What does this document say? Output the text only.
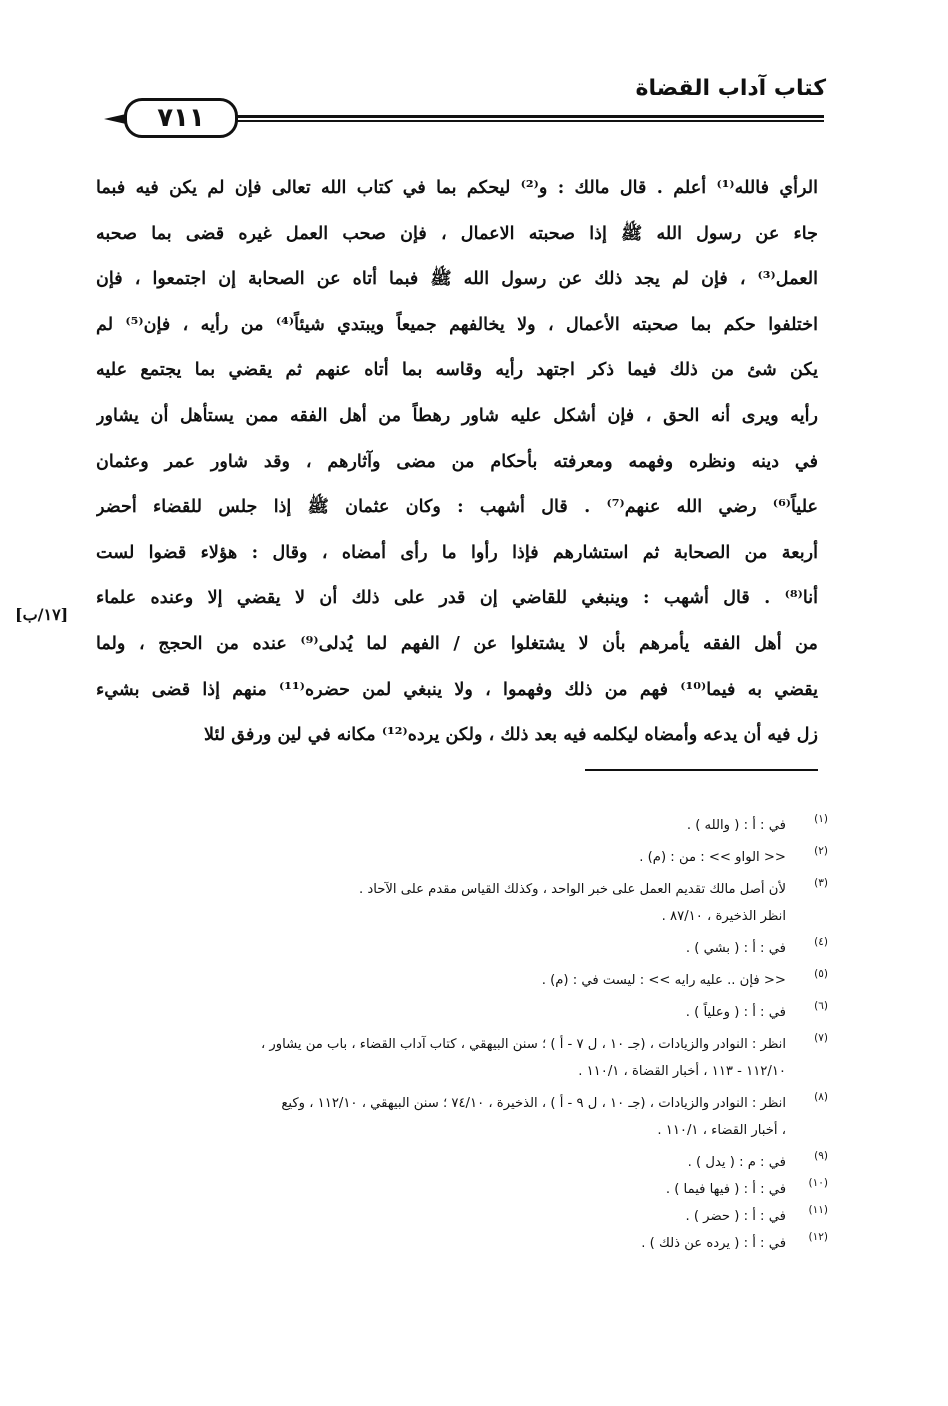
كتاب آداب القضاة
٧١١
الرأي فالله⁽¹⁾ أعلم . قال مالك : و⁽²⁾ ليحكم بما في كتاب الله تعالى فإن لم يكن فيه فبما
جاء عن رسول الله ﷺ إذا صحبته الاعمال ، فإن صحب العمل غيره قضى بما صحبه
العمل⁽³⁾ ، فإن لم يجد ذلك عن رسول الله ﷺ فبما أتاه عن الصحابة إن اجتمعوا ، فإن
اختلفوا حكم بما صحبته الأعمال ، ولا يخالفهم جميعاً ويبتدي شيئاً⁽⁴⁾ من رأيه ، فإن⁽⁵⁾ لم
يكن شئ من ذلك فيما ذكر اجتهد رأيه وقاسه بما أتاه عنهم ثم يقضي بما يجتمع عليه
رأيه ويرى أنه الحق ، فإن أشكل عليه شاور رهطاً من أهل الفقه ممن يستأهل أن يشاور
في دينه ونظره وفهمه ومعرفته بأحكام من مضى وآثارهم ، وقد شاور عمر وعثمان
علياً⁽⁶⁾ رضي الله عنهم⁽⁷⁾ . قال أشهب : وكان عثمان ﷺ إذا جلس للقضاء أحضر
أربعة من الصحابة ثم استشارهم فإذا رأوا ما رأى أمضاه ، وقال : هؤلاء قضوا لست
أنا⁽⁸⁾ . قال أشهب : وينبغي للقاضي إن قدر على ذلك أن لا يقضي إلا وعنده علماء
من أهل الفقه يأمرهم بأن لا يشتغلوا عن / الفهم لما يُدلى⁽⁹⁾ عنده من الحجج ، ولما
يقضي به فيما⁽¹⁰⁾ فهم من ذلك وفهموا ، ولا ينبغي لمن حضره⁽¹¹⁾ منهم إذا قضى بشيء
زل فيه أن يدعه وأمضاه ليكلمه فيه بعد ذلك ، ولكن يرده⁽¹²⁾ مكانه في لين ورفق لئلا
[١٧/ب]
(١)
في : أ : ( والله ) .
(٢)
<< الواو >> : من : (م) .
(٣)
لأن أصل مالك تقديم العمل على خبر الواحد ، وكذلك القياس مقدم على الآحاد .
انظر الذخيرة ، ٨٧/١٠ .
(٤)
في : أ : ( بشي ) .
(٥)
<< فإن .. عليه رايه >> : ليست في : (م) .
(٦)
في : أ : ( وعلياً ) .
(٧)
انظر : النوادر والزيادات ، (جـ ١٠ ، ل ٧ - أ ) ؛ سنن البيهقي ، كتاب آداب القضاء ، باب من يشاور ،
١١٢/١٠ - ١١٣ ، أخبار القضاة ، ١١٠/١ .
(٨)
انظر : النوادر والزيادات ، (جـ ١٠ ، ل ٩ - أ ) ، الذخيرة ، ٧٤/١٠ ؛ سنن البيهقي ، ١١٢/١٠ ، وكيع
، أخبار القضاء ، ١١٠/١ .
(٩)
في : م : ( يدل ) .
(١٠)
في : أ : ( فيها فيما ) .
(١١)
في : أ : ( حضر ) .
(١٢)
في : أ : ( يرده عن ذلك ) .
